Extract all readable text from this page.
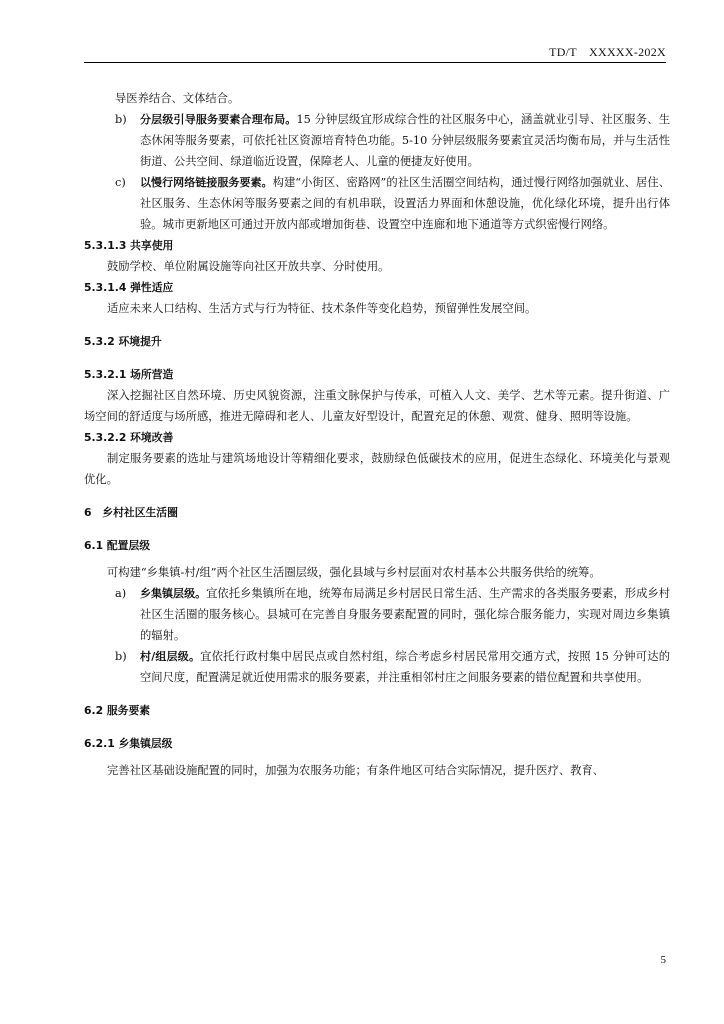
TD/T　XXXXX-202X

导医养结合、文体结合。

b) 分层级引导服务要素合理布局。15 分钟层级宜形成综合性的社区服务中心，涵盖就业引导、社区服务、生态休闲等服务要素，可依托社区资源培育特色功能。5-10 分钟层级服务要素宜灵活均衡布局，并与生活性街道、公共空间、绿道临近设置，保障老人、儿童的便捷友好使用。
c) 以慢行网络链接服务要素。构建“小街区、密路网”的社区生活圈空间结构，通过慢行网络加强就业、居住、社区服务、生态休闲等服务要素之间的有机串联，设置活力界面和休憩设施，优化绿化环境，提升出行体验。城市更新地区可通过开放内部或增加街巷、设置空中连廊和地下通道等方式织密慢行网络。

5.3.1.3 共享使用

鼓励学校、单位附属设施等向社区开放共享、分时使用。

5.3.1.4 弹性适应

适应未来人口结构、生活方式与行为特征、技术条件等变化趋势，预留弹性发展空间。

5.3.2 环境提升

5.3.2.1 场所营造

深入挖掘社区自然环境、历史风貌资源，注重文脉保护与传承，可植入人文、美学、艺术等元素。提升街道、广场空间的舒适度与场所感，推进无障碍和老人、儿童友好型设计，配置充足的休憩、观赏、健身、照明等设施。

5.3.2.2 环境改善

制定服务要素的选址与建筑场地设计等精细化要求，鼓励绿色低碳技术的应用，促进生态绿化、环境美化与景观优化。

6　乡村社区生活圈

6.1 配置层级

可构建“乡集镇-村/组”两个社区生活圈层级，强化县域与乡村层面对农村基本公共服务供给的统筹。

a) 乡集镇层级。宜依托乡集镇所在地，统筹布局满足乡村居民日常生活、生产需求的各类服务要素，形成乡村社区生活圈的服务核心。县城可在完善自身服务要素配置的同时，强化综合服务能力，实现对周边乡集镇的辐射。
b) 村/组层级。宜依托行政村集中居民点或自然村组，综合考虑乡村居民常用交通方式，按照 15 分钟可达的空间尺度，配置满足就近使用需求的服务要素，并注重相邻村庄之间服务要素的错位配置和共享使用。

6.2 服务要素

6.2.1 乡集镇层级

完善社区基础设施配置的同时，加强为农服务功能；有条件地区可结合实际情况，提升医疗、教育、

5
